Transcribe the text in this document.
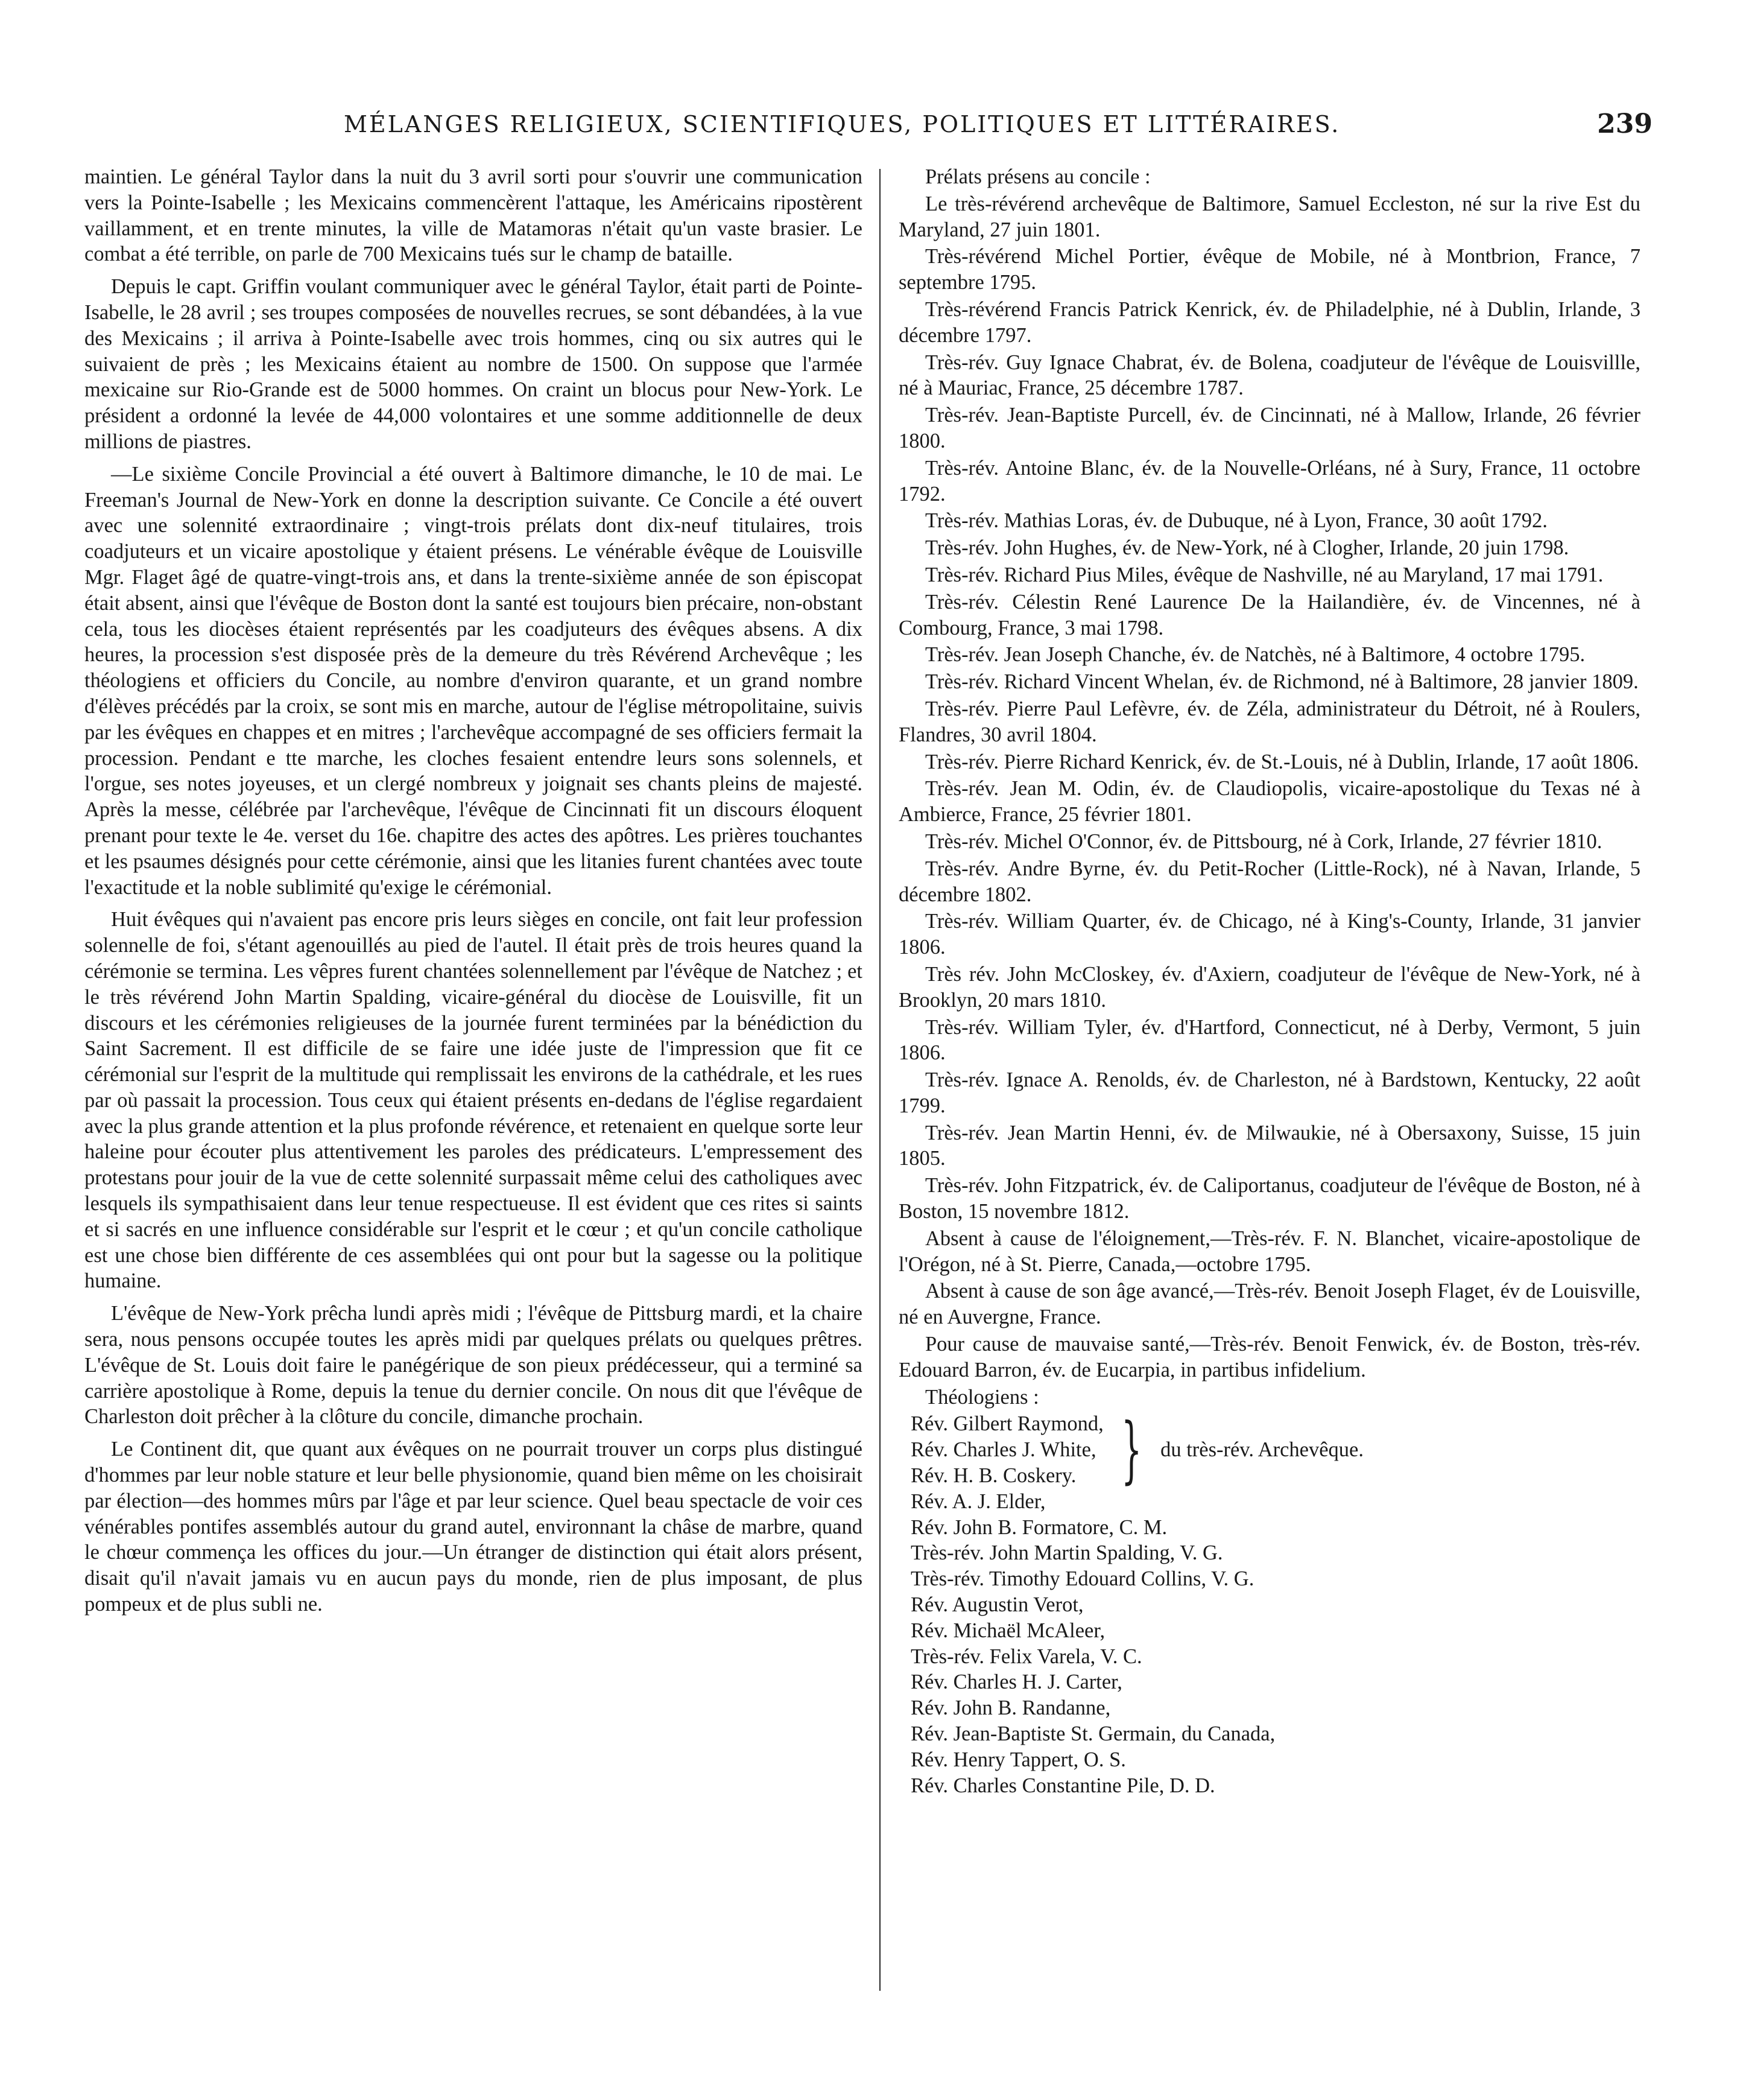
MÉLANGES RELIGIEUX, SCIENTIFIQUES, POLITIQUES ET LITTÉRAIRES.	239

maintien. Le général Taylor dans la nuit du 3 avril sorti pour s'ouvrir une communication vers la Pointe-Isabelle ; les Mexicains commencèrent l'attaque, les Américains ripostèrent vaillamment, et en trente minutes, la ville de Matamoras n'était qu'un vaste brasier. Le combat a été terrible, on parle de 700 Mexicains tués sur le champ de bataille.

Depuis le capt. Griffin voulant communiquer avec le général Taylor, était parti de Pointe-Isabelle, le 28 avril ; ses troupes composées de nouvelles recrues, se sont débandées, à la vue des Mexicains ; il arriva à Pointe-Isabelle avec trois hommes, cinq ou six autres qui le suivaient de près ; les Mexicains étaient au nombre de 1500. On suppose que l'armée mexicaine sur Rio-Grande est de 5000 hommes. On craint un blocus pour New-York. Le président a ordonné la levée de 44,000 volontaires et une somme additionnelle de deux millions de piastres.

—Le sixième Concile Provincial a été ouvert à Baltimore dimanche, le 10 de mai. Le Freeman's Journal de New-York en donne la description suivante. Ce Concile a été ouvert avec une solennité extraordinaire ; vingt-trois prélats dont dix-neuf titulaires, trois coadjuteurs et un vicaire apostolique y étaient présens. Le vénérable évêque de Louisville Mgr. Flaget âgé de quatre-vingt-trois ans, et dans la trente-sixième année de son épiscopat était absent, ainsi que l'évêque de Boston dont la santé est toujours bien précaire, non-obstant cela, tous les diocèses étaient représentés par les coadjuteurs des évêques absens. A dix heures, la procession s'est disposée près de la demeure du très Révérend Archevêque ; les théologiens et officiers du Concile, au nombre d'environ quarante, et un grand nombre d'élèves précédés par la croix, se sont mis en marche, autour de l'église métropolitaine, suivis par les évêques en chappes et en mitres ; l'archevêque accompagné de ses officiers fermait la procession. Pendant e tte marche, les cloches fesaient entendre leurs sons solennels, et l'orgue, ses notes joyeuses, et un clergé nombreux y joignait ses chants pleins de majesté. Après la messe, célébrée par l'archevêque, l'évêque de Cincinnati fit un discours éloquent prenant pour texte le 4e. verset du 16e. chapitre des actes des apôtres. Les prières touchantes et les psaumes désignés pour cette cérémonie, ainsi que les litanies furent chantées avec toute l'exactitude et la noble sublimité qu'exige le cérémonial.

Huit évêques qui n'avaient pas encore pris leurs sièges en concile, ont fait leur profession solennelle de foi, s'étant agenouillés au pied de l'autel. Il était près de trois heures quand la cérémonie se termina. Les vêpres furent chantées solennellement par l'évêque de Natchez ; et le très révérend John Martin Spalding, vicaire-général du diocèse de Louisville, fit un discours et les cérémonies religieuses de la journée furent terminées par la bénédiction du Saint Sacrement. Il est difficile de se faire une idée juste de l'impression que fit ce cérémonial sur l'esprit de la multitude qui remplissait les environs de la cathédrale, et les rues par où passait la procession. Tous ceux qui étaient présents en-dedans de l'église regardaient avec la plus grande attention et la plus profonde révérence, et retenaient en quelque sorte leur haleine pour écouter plus attentivement les paroles des prédicateurs. L'empressement des protestans pour jouir de la vue de cette solennité surpassait même celui des catholiques avec lesquels ils sympathisaient dans leur tenue respectueuse. Il est évident que ces rites si saints et si sacrés en une influence considérable sur l'esprit et le cœur ; et qu'un concile catholique est une chose bien différente de ces assemblées qui ont pour but la sagesse ou la politique humaine.

L'évêque de New-York prêcha lundi après midi ; l'évêque de Pittsburg mardi, et la chaire sera, nous pensons occupée toutes les après midi par quelques prélats ou quelques prêtres. L'évêque de St. Louis doit faire le panégérique de son pieux prédécesseur, qui a terminé sa carrière apostolique à Rome, depuis la tenue du dernier concile. On nous dit que l'évêque de Charleston doit prêcher à la clôture du concile, dimanche prochain.

Le Continent dit, que quant aux évêques on ne pourrait trouver un corps plus distingué d'hommes par leur noble stature et leur belle physionomie, quand bien même on les choisirait par élection—des hommes mûrs par l'âge et par leur science. Quel beau spectacle de voir ces vénérables pontifes assemblés autour du grand autel, environnant la châse de marbre, quand le chœur commença les offices du jour.—Un étranger de distinction qui était alors présent, disait qu'il n'avait jamais vu en aucun pays du monde, rien de plus imposant, de plus pompeux et de plus subli ne.

Prélats présens au concile :

Le très-révérend archevêque de Baltimore, Samuel Eccleston, né sur la rive Est du Maryland, 27 juin 1801.

Très-révérend Michel Portier, évêque de Mobile, né à Montbrion, France, 7 septembre 1795.

Très-révérend Francis Patrick Kenrick, év. de Philadelphie, né à Dublin, Irlande, 3 décembre 1797.

Très-rév. Guy Ignace Chabrat, év. de Bolena, coadjuteur de l'évêque de Louisvillle, né à Mauriac, France, 25 décembre 1787.

Très-rév. Jean-Baptiste Purcell, év. de Cincinnati, né à Mallow, Irlande, 26 février 1800.

Très-rév. Antoine Blanc, év. de la Nouvelle-Orléans, né à Sury, France, 11 octobre 1792.

Très-rév. Mathias Loras, év. de Dubuque, né à Lyon, France, 30 août 1792.

Très-rév. John Hughes, év. de New-York, né à Clogher, Irlande, 20 juin 1798.

Très-rév. Richard Pius Miles, évêque de Nashville, né au Maryland, 17 mai 1791.

Très-rév. Célestin René Laurence De la Hailandière, év. de Vincennes, né à Combourg, France, 3 mai 1798.

Très-rév. Jean Joseph Chanche, év. de Natchès, né à Baltimore, 4 octobre 1795.

Très-rév. Richard Vincent Whelan, év. de Richmond, né à Baltimore, 28 janvier 1809.

Très-rév. Pierre Paul Lefèvre, év. de Zéla, administrateur du Détroit, né à Roulers, Flandres, 30 avril 1804.

Très-rév. Pierre Richard Kenrick, év. de St.-Louis, né à Dublin, Irlande, 17 août 1806.

Très-rév. Jean M. Odin, év. de Claudiopolis, vicaire-apostolique du Texas né à Ambierce, France, 25 février 1801.

Très-rév. Michel O'Connor, év. de Pittsbourg, né à Cork, Irlande, 27 février 1810.

Très-rév. Andre Byrne, év. du Petit-Rocher (Little-Rock), né à Navan, Irlande, 5 décembre 1802.

Très-rév. William Quarter, év. de Chicago, né à King's-County, Irlande, 31 janvier 1806.

Très rév. John McCloskey, év. d'Axiern, coadjuteur de l'évêque de New-York, né à Brooklyn, 20 mars 1810.

Très-rév. William Tyler, év. d'Hartford, Connecticut, né à Derby, Vermont, 5 juin 1806.

Très-rév. Ignace A. Renolds, év. de Charleston, né à Bardstown, Kentucky, 22 août 1799.

Très-rév. Jean Martin Henni, év. de Milwaukie, né à Obersaxony, Suisse, 15 juin 1805.

Très-rév. John Fitzpatrick, év. de Caliportanus, coadjuteur de l'évêque de Boston, né à Boston, 15 novembre 1812.

Absent à cause de l'éloignement,—Très-rév. F. N. Blanchet, vicaire-apostolique de l'Orégon, né à St. Pierre, Canada,—octobre 1795.

Absent à cause de son âge avancé,—Très-rév. Benoit Joseph Flaget, év de Louisville, né en Auvergne, France.

Pour cause de mauvaise santé,—Très-rév. Benoit Fenwick, év. de Boston, très-rév. Edouard Barron, év. de Eucarpia, in partibus infidelium.

Théologiens :

Rév. Gilbert Raymond,
Rév. Charles J. White,
Rév. H. B. Coskery. } du très-rév. Archevêque.
Rév. A. J. Elder,
Rév. John B. Formatore, C. M.
Très-rév. John Martin Spalding, V. G.
Très-rév. Timothy Edouard Collins, V. G.
Rév. Augustin Verot,
Rév. Michaël McAleer,
Très-rév. Felix Varela, V. C.
Rév. Charles H. J. Carter,
Rév. John B. Randanne,
Rév. Jean-Baptiste St. Germain, du Canada,
Rév. Henry Tappert, O. S.
Rév. Charles Constantine Pile, D. D.
